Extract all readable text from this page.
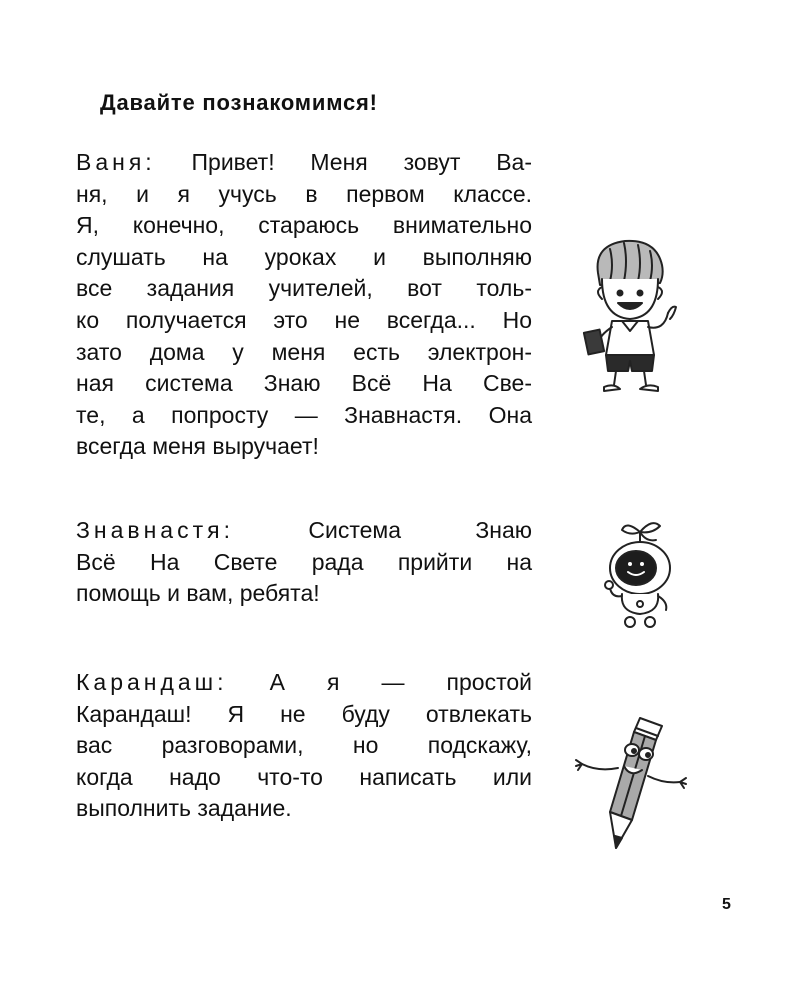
Давайте познакомимся!
Ваня: Привет! Меня зовут Ва-
ня, и я учусь в первом классе.
Я, конечно, стараюсь внимательно
слушать на уроках и выполняю
все задания учителей, вот толь-
ко получается это не всегда... Но
зато дома у меня есть электрон-
ная система Знаю Всё На Све-
те, а попросту — Знавнастя. Она
всегда меня выручает!
Знавнастя:	Система Знаю
Всё На Свете рада прийти на
помощь и вам, ребята!
Карандаш: А я — простой
Карандаш! Я не буду отвлекать
вас разговорами, но подскажу,
когда надо что-то написать или
выполнить задание.

5
